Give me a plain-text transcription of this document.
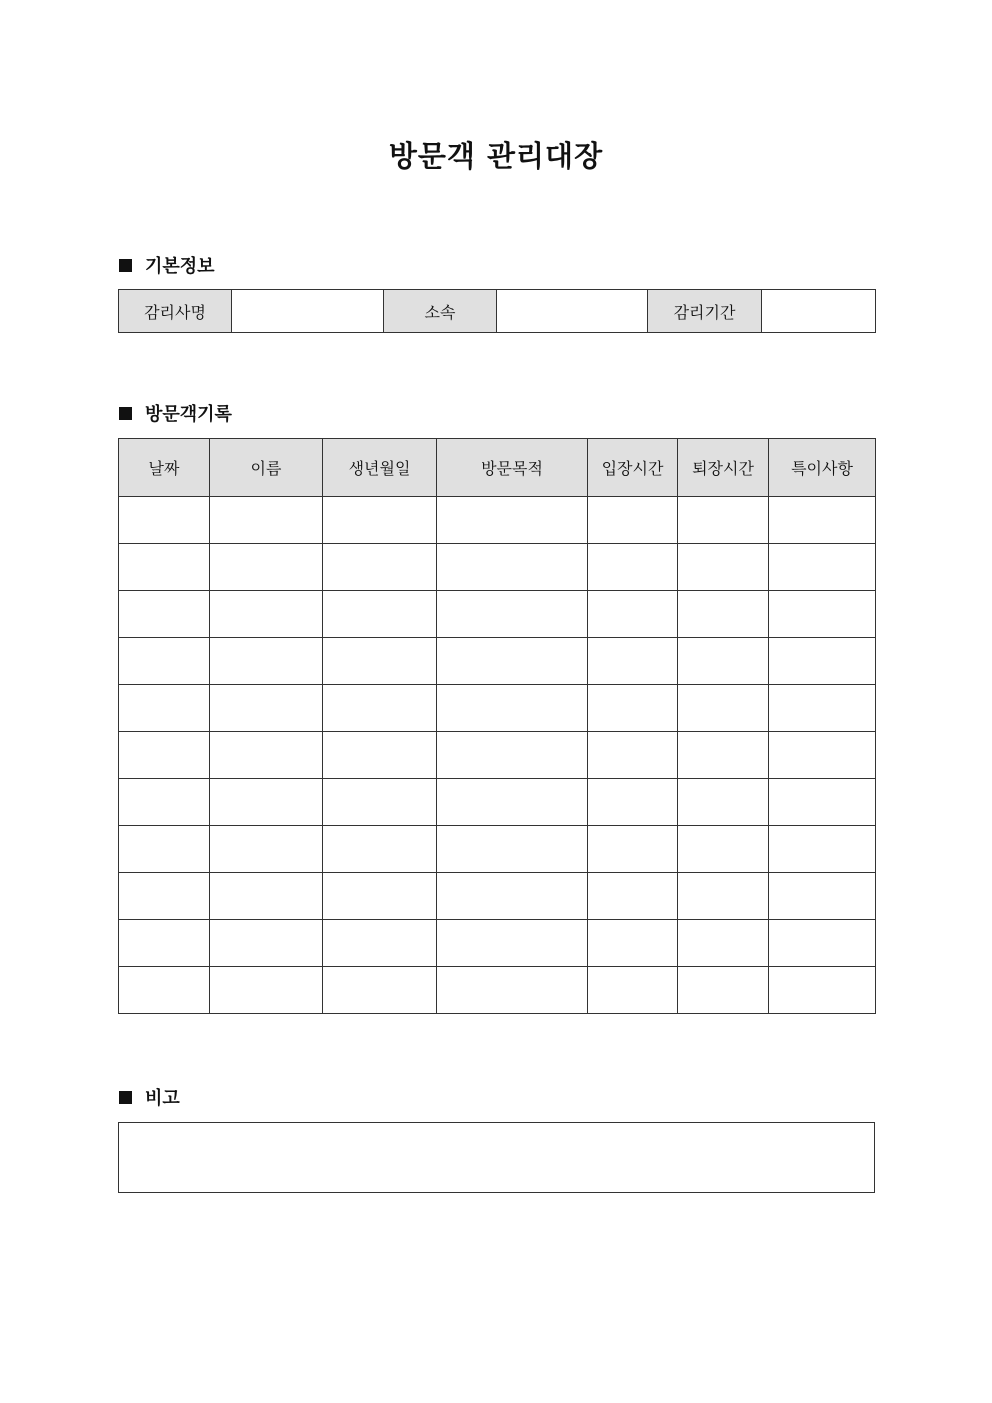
방문객 관리대장
기본정보
감리사명		소속		감리기간	
방문객기록
날짜	이름	생년월일	방문목적	입장시간	퇴장시간	특이사항

비고
